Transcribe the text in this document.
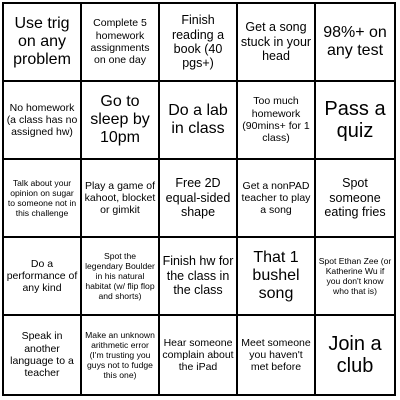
Use trig on any problem
Complete 5 homework assignments on one day
Finish reading a book (40 pgs+)
Get a song stuck in your head
98%+ on any test
No homework (a class has no assigned hw)
Go to sleep by 10pm
Do a lab in class
Too much homework (90mins+ for 1 class)
Pass a quiz
Talk about your opinion on sugar to someone not in this challenge
Play a game of kahoot, blocket or gimkit
Free 2D equal-sided shape
Get a nonPAD teacher to play a song
Spot someone eating fries
Do a performance of any kind
Spot the legendary Boulder in his natural habitat (w/ flip flop and shorts)
Finish hw for the class in the class
That 1 bushel song
Spot Ethan Zee (or Katherine Wu if you don't know who that is)
Speak in another language to a teacher
Make an unknown arithmetic error (I'm trusting you guys not to fudge this one)
Hear someone complain about the iPad
Meet someone you haven't met before
Join a club
